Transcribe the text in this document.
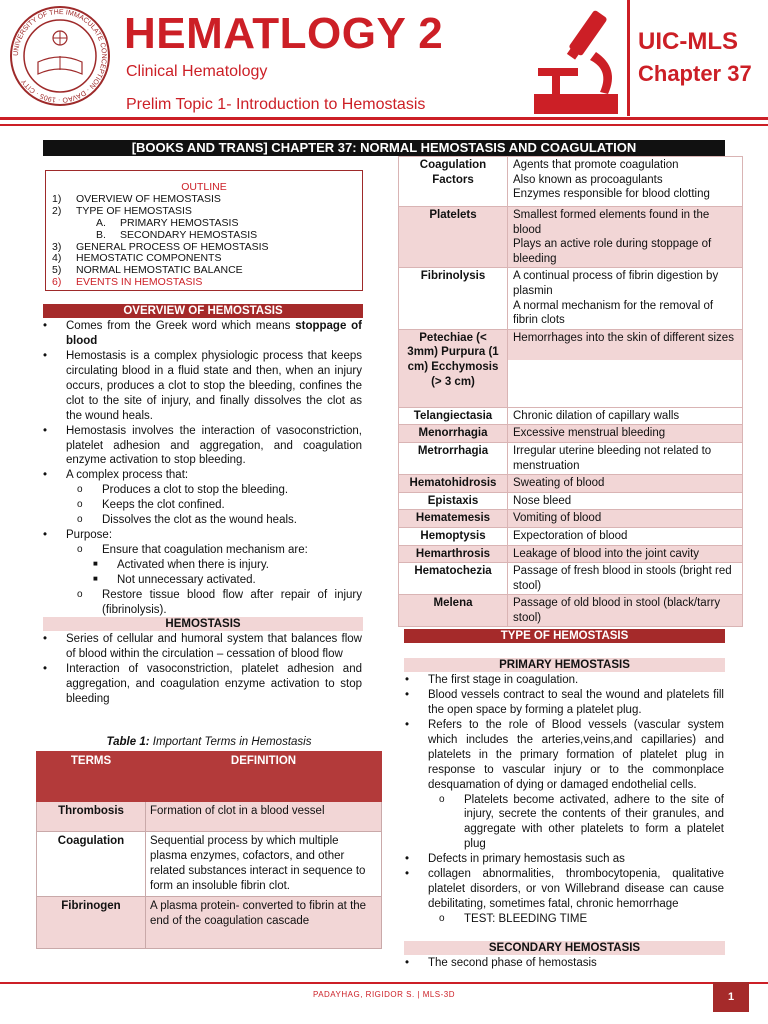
UNIVERSITY OF THE IMMACULATE CONCEPTION · DAVAO · 1905 · CITY
HEMATLOGY 2
Clinical Hematology
Prelim Topic 1- Introduction to Hemostasis
UIC-MLS
Chapter 37
[BOOKS AND TRANS] CHAPTER 37: NORMAL HEMOSTASIS AND COAGULATION
OUTLINE
1)	OVERVIEW OF HEMOSTASIS
2)	TYPE OF HEMOSTASIS
A.	PRIMARY HEMOSTASIS
B.	SECONDARY HEMOSTASIS
3)	GENERAL PROCESS OF HEMOSTASIS
4)	HEMOSTATIC COMPONENTS
5)	NORMAL HEMOSTATIC BALANCE
6)	EVENTS IN HEMOSTASIS
OVERVIEW OF HEMOSTASIS
• Comes from the Greek word which means stoppage of blood
• Hemostasis is a complex physiologic process that keeps circulating blood in a fluid state and then, when an injury occurs, produces a clot to stop the bleeding, confines the clot to the site of injury, and finally dissolves the clot as the wound heals.
• Hemostasis involves the interaction of vasoconstriction, platelet adhesion and aggregation, and coagulation enzyme activation to stop bleeding.
• A complex process that:
o Produces a clot to stop the bleeding.
o Keeps the clot confined.
o Dissolves the clot as the wound heals.
• Purpose:
o Ensure that coagulation mechanism are:
■ Activated when there is injury.
■ Not unnecessary activated.
o Restore tissue blood flow after repair of injury (fibrinolysis).
HEMOSTASIS
• Series of cellular and humoral system that balances flow of blood within the circulation – cessation of blood flow
• Interaction of vasoconstriction, platelet adhesion and aggregation, and coagulation enzyme activation to stop bleeding
Table 1: Important Terms in Hemostasis
TERMS	DEFINITION
Thrombosis	Formation of clot in a blood vessel
Coagulation	Sequential process by which multiple plasma enzymes, cofactors, and other related substances interact in sequence to form an insoluble fibrin clot.
Fibrinogen	A plasma protein- converted to fibrin at the end of the coagulation cascade
Coagulation Factors	Agents that promote coagulation
Also known as procoagulants
Enzymes responsible for blood clotting

Platelets	Smallest formed elements found in the blood
Plays an active role during stoppage of bleeding

Fibrinolysis	A continual process of fibrin digestion by plasmin
A normal mechanism for the removal of fibrin clots

Petechiae (< 3mm) Purpura (1 cm) Ecchymosis (> 3 cm)	Hemorrhages into the skin of different sizes

Telangiectasia	Chronic dilation of capillary walls
Menorrhagia	Excessive menstrual bleeding
Metrorrhagia	Irregular uterine bleeding not related to menstruation
Hematohidrosis	Sweating of blood
Epistaxis	Nose bleed
Hematemesis	Vomiting of blood
Hemoptysis	Expectoration of blood
Hemarthrosis	Leakage of blood into the joint cavity
Hematochezia	Passage of fresh blood in stools (bright red stool)
Melena	Passage of old blood in stool (black/tarry stool)
TYPE OF HEMOSTASIS
PRIMARY HEMOSTASIS
• The first stage in coagulation.
• Blood vessels contract to seal the wound and platelets fill the open space by forming a platelet plug.
• Refers to the role of Blood vessels (vascular system which includes the arteries,veins,and capillaries) and platelets in the primary formation of platelet plug in response to vascular injury or to the commonplace desquamation of dying or damaged endothelial cells.
o Platelets become activated, adhere to the site of injury, secrete the contents of their granules, and aggregate with other platelets to form a platelet plug
• Defects in primary hemostasis such as
• collagen abnormalities, thrombocytopenia, qualitative platelet disorders, or von Willebrand disease can cause debilitating, sometimes fatal, chronic hemorrhage
o TEST: BLEEDING TIME
SECONDARY HEMOSTASIS
• The second phase of hemostasis
PADAYHAG, RIGIDOR S. | MLS-3D	1
